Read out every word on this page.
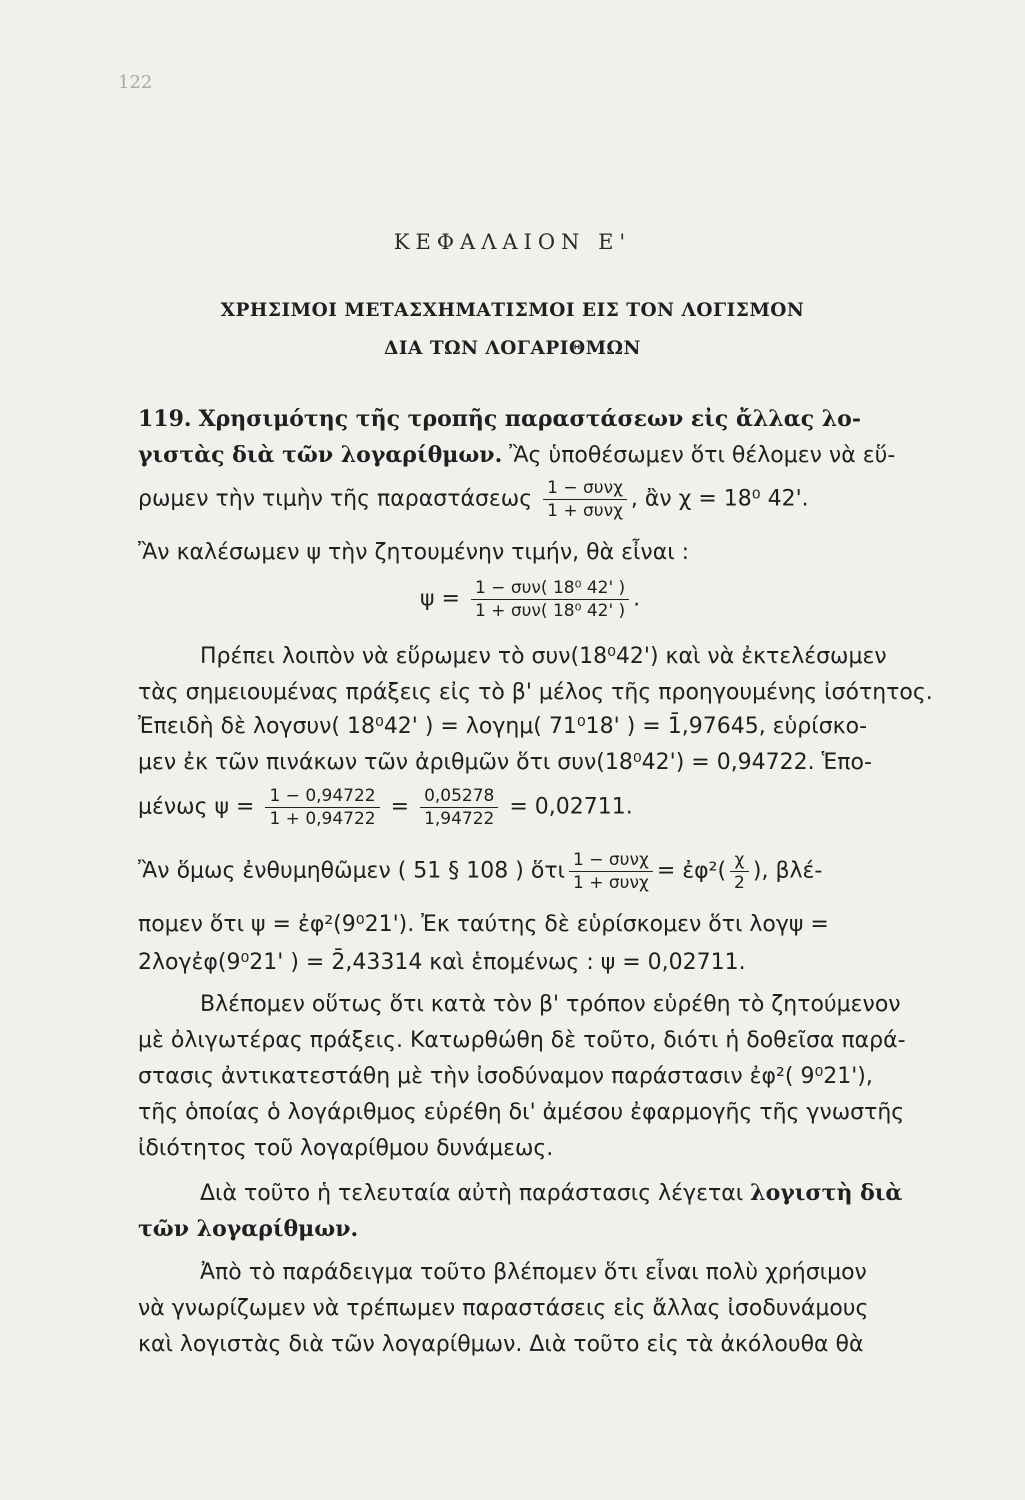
122
ΚΕΦΑΛΑΙΟΝ Ε'
ΧΡΗΣΙΜΟΙ ΜΕΤΑΣΧΗΜΑΤΙΣΜΟΙ ΕΙΣ ΤΟΝ ΛΟΓΙΣΜΟΝ
ΔΙΑ ΤΩΝ ΛΟΓΑΡΙΘΜΩΝ
119. Χρησιμότης τῆς τροπῆς παραστάσεων εἰς ἄλλας λο-
γιστὰς διὰ τῶν λογαρίθμων. Ἂς ὑποθέσωμεν ὅτι θέλομεν νὰ εὕ-
ρωμεν τὴν τιμὴν τῆς παραστάσεως $\frac{\text{1 − συνχ}}{\text{1 + συνχ}}$ , ἂν χ = 18⁰ 42'.
Ἂν καλέσωμεν ψ τὴν ζητουμένην τιμήν, θὰ εἶναι :
$\psi = \frac{\text{1 − συν( 18⁰ 42' )}}{\text{1 + συν( 18⁰ 42' )}}$ .
Πρέπει λοιπὸν νὰ εὕρωμεν τὸ συν(18⁰42') καὶ νὰ ἐκτελέσωμεν
τὰς σημειουμένας πράξεις εἰς τὸ β' μέλος τῆς προηγουμένης ἰσότητος.
Ἐπειδὴ δὲ λογσυν( 18⁰42' ) = λογημ( 71⁰18' ) = 1̄,97645, εὑρίσκο-
μεν ἐκ τῶν πινάκων τῶν ἀριθμῶν ὅτι συν(18⁰42') = 0,94722. Ἑπο-
μένως $\psi = \frac{1 - 0,94722}{1 + 0,94722} = \frac{0,05278}{1,94722} = 0,02711$.
Ἂν ὅμως ἐνθυμηθῶμεν ( 51 § 108 ) ὅτι $\frac{\text{1 − συνχ}}{\text{1 + συνχ}}$ = ἐφ²( $\frac{\chi}{2}$ ), βλέ-
πομεν ὅτι ψ = ἐφ²(9⁰21'). Ἐκ ταύτης δὲ εὑρίσκομεν ὅτι λογψ =
2λογἐφ(9⁰21' ) = 2̄,43314 καὶ ἑπομένως : ψ = 0,02711.
Βλέπομεν οὕτως ὅτι κατὰ τὸν β' τρόπον εὑρέθη τὸ ζητούμενον
μὲ ὀλιγωτέρας πράξεις. Κατωρθώθη δὲ τοῦτο, διότι ἡ δοθεῖσα παρά-
στασις ἀντικατεστάθη μὲ τὴν ἰσοδύναμον παράστασιν ἐφ²( 9⁰21'),
τῆς ὁποίας ὁ λογάριθμος εὑρέθη δι' ἀμέσου ἐφαρμογῆς τῆς γνωστῆς
ἰδιότητος τοῦ λογαρίθμου δυνάμεως.
Διὰ τοῦτο ἡ τελευταία αὐτὴ παράστασις λέγεται λογιστὴ διὰ
τῶν λογαρίθμων.
Ἀπὸ τὸ παράδειγμα τοῦτο βλέπομεν ὅτι εἶναι πολὺ χρήσιμον
νὰ γνωρίζωμεν νὰ τρέπωμεν παραστάσεις εἰς ἄλλας ἰσοδυνάμους
καὶ λογιστὰς διὰ τῶν λογαρίθμων. Διὰ τοῦτο εἰς τὰ ἀκόλουθα θὰ
